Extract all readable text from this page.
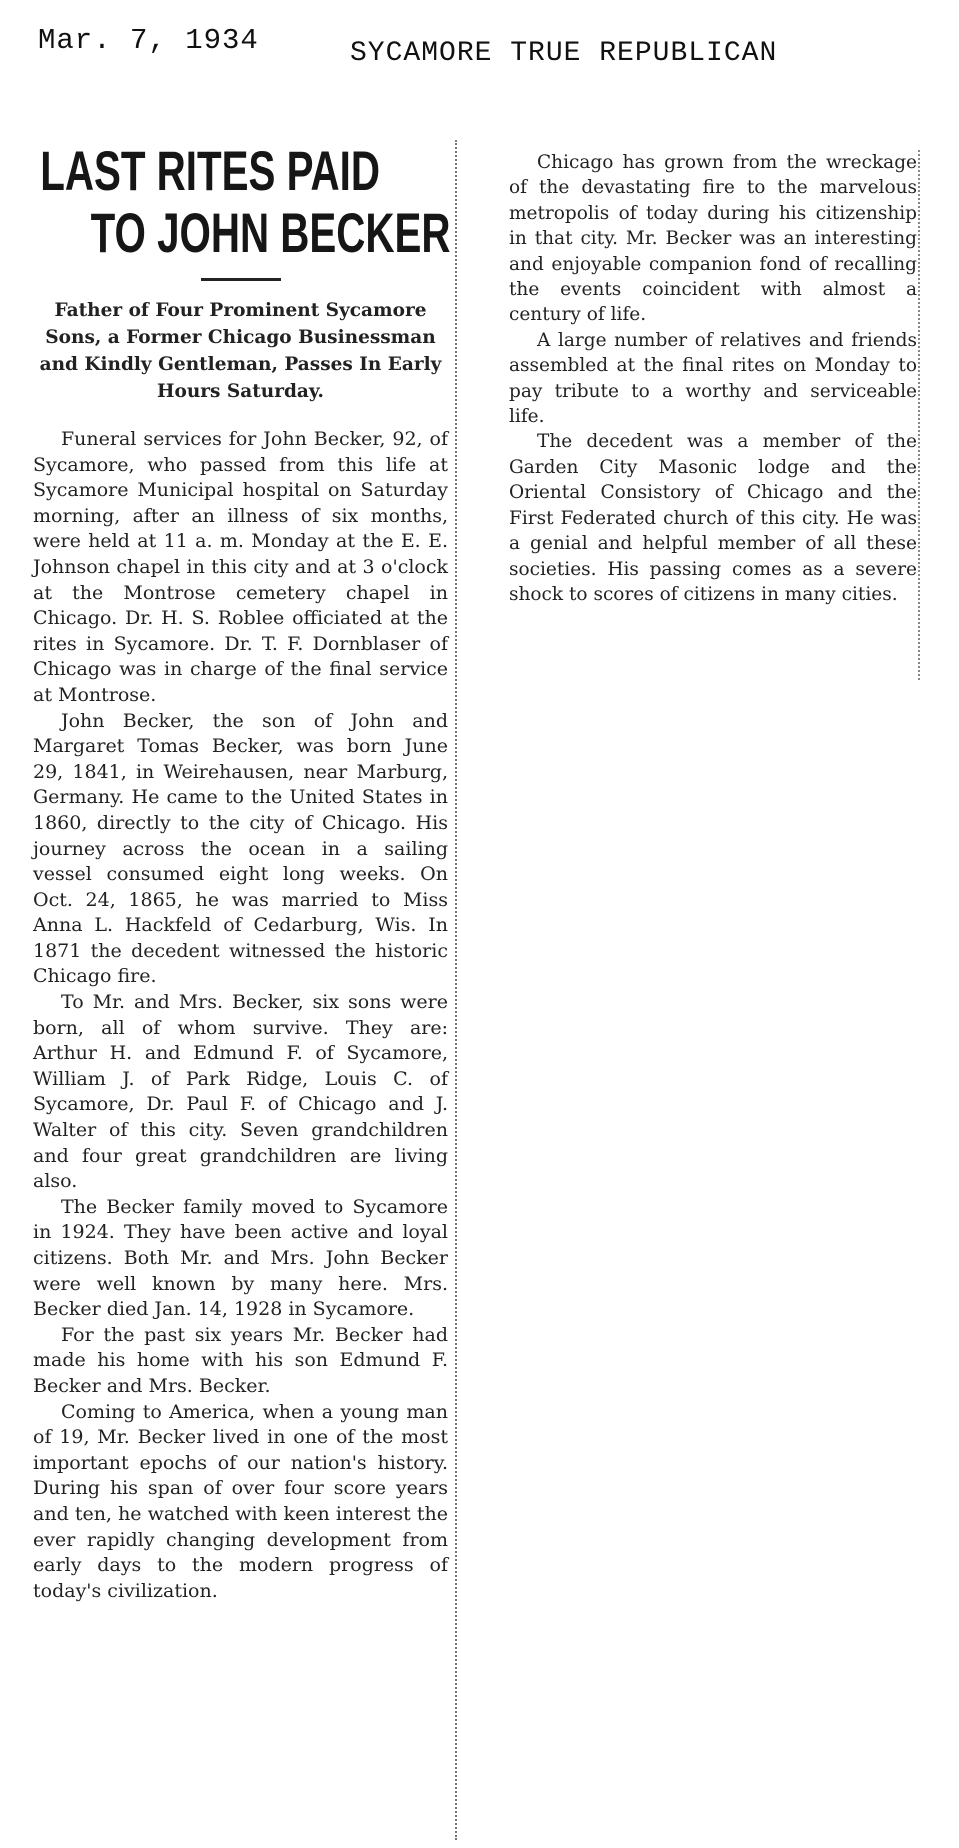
Mar. 7, 1934	SYCAMORE TRUE REPUBLICAN
LAST RITES PAID
TO JOHN BECKER
Father of Four Prominent Sycamore Sons, a Former Chicago Businessman and Kindly Gentleman, Passes In Early Hours Saturday.

Funeral services for John Becker, 92, of Sycamore, who passed from this life at Sycamore Municipal hospital on Saturday morning, after an illness of six months, were held at 11 a. m. Monday at the E. E. Johnson chapel in this city and at 3 o'clock at the Montrose cemetery chapel in Chicago. Dr. H. S. Roblee officiated at the rites in Sycamore. Dr. T. F. Dornblaser of Chicago was in charge of the final service at Montrose.

John Becker, the son of John and Margaret Tomas Becker, was born June 29, 1841, in Weirehausen, near Marburg, Germany. He came to the United States in 1860, directly to the city of Chicago. His journey across the ocean in a sailing vessel consumed eight long weeks. On Oct. 24, 1865, he was married to Miss Anna L. Hackfeld of Cedarburg, Wis. In 1871 the decedent witnessed the historic Chicago fire.

To Mr. and Mrs. Becker, six sons were born, all of whom survive. They are: Arthur H. and Edmund F. of Sycamore, William J. of Park Ridge, Louis C. of Sycamore, Dr. Paul F. of Chicago and J. Walter of this city. Seven grandchildren and four great grandchildren are living also.

The Becker family moved to Sycamore in 1924. They have been active and loyal citizens. Both Mr. and Mrs. John Becker were well known by many here. Mrs. Becker died Jan. 14, 1928 in Sycamore.

For the past six years Mr. Becker had made his home with his son Edmund F. Becker and Mrs. Becker.

Coming to America, when a young man of 19, Mr. Becker lived in one of the most important epochs of our nation's history. During his span of over four score years and ten, he watched with keen interest the ever rapidly changing development from early days to the modern progress of today's civilization.

Chicago has grown from the wreckage of the devastating fire to the marvelous metropolis of today during his citizenship in that city. Mr. Becker was an interesting and enjoyable companion fond of recalling the events coincident with almost a century of life.

A large number of relatives and friends assembled at the final rites on Monday to pay tribute to a worthy and serviceable life.

The decedent was a member of the Garden City Masonic lodge and the Oriental Consistory of Chicago and the First Federated church of this city. He was a genial and helpful member of all these societies. His passing comes as a severe shock to scores of citizens in many cities.
